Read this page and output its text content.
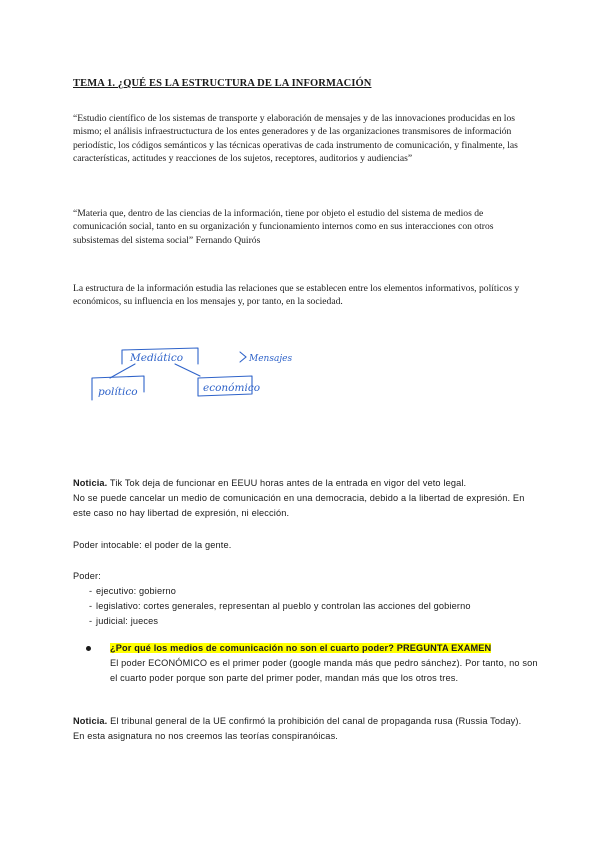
TEMA 1. ¿QUÉ ES LA ESTRUCTURA DE LA INFORMACIÓN

“Estudio científico de los sistemas de transporte y elaboración de mensajes y de las innovaciones producidas en los mismo; el análisis infraestructuctura de los entes generadores y de las organizaciones transmisores de información periodístic, los códigos semánticos y las técnicas operativas de cada instrumento de comunicación, y finalmente, las características, actitudes y reacciones de los sujetos, receptores, auditorios y audiencias”

“Materia que, dentro de las ciencias de la información, tiene por objeto el estudio del sistema de medios de comunicación social, tanto en su organización y funcionamiento internos como en sus interacciones con otros subsistemas del sistema social” Fernando Quirós

La estructura de la información estudia las relaciones que se establecen entre los elementos informativos, políticos y económicos, su influencia en los mensajes y, por tanto, en la sociedad.

Mediático
político	económico
Mensajes
Noticia. Tik Tok deja de funcionar en EEUU horas antes de la entrada en vigor del veto legal.
No se puede cancelar un medio de comunicación en una democracia, debido a la libertad de expresión. En este caso no hay libertad de expresión, ni elección.
Poder intocable: el poder de la gente.
Poder:
- ejecutivo: gobierno
- legislativo: cortes generales, representan al pueblo y controlan las acciones del gobierno
- judicial: jueces
¿Por qué los medios de comunicación no son el cuarto poder? PREGUNTA EXAMEN
El poder ECONÓMICO es el primer poder (google manda más que pedro sánchez). Por tanto, no son el cuarto poder porque son parte del primer poder, mandan más que los otros tres.
Noticia. El tribunal general de la UE confirmó la prohibición del canal de propaganda rusa (Russia Today).
En esta asignatura no nos creemos las teorías conspiranóicas.
